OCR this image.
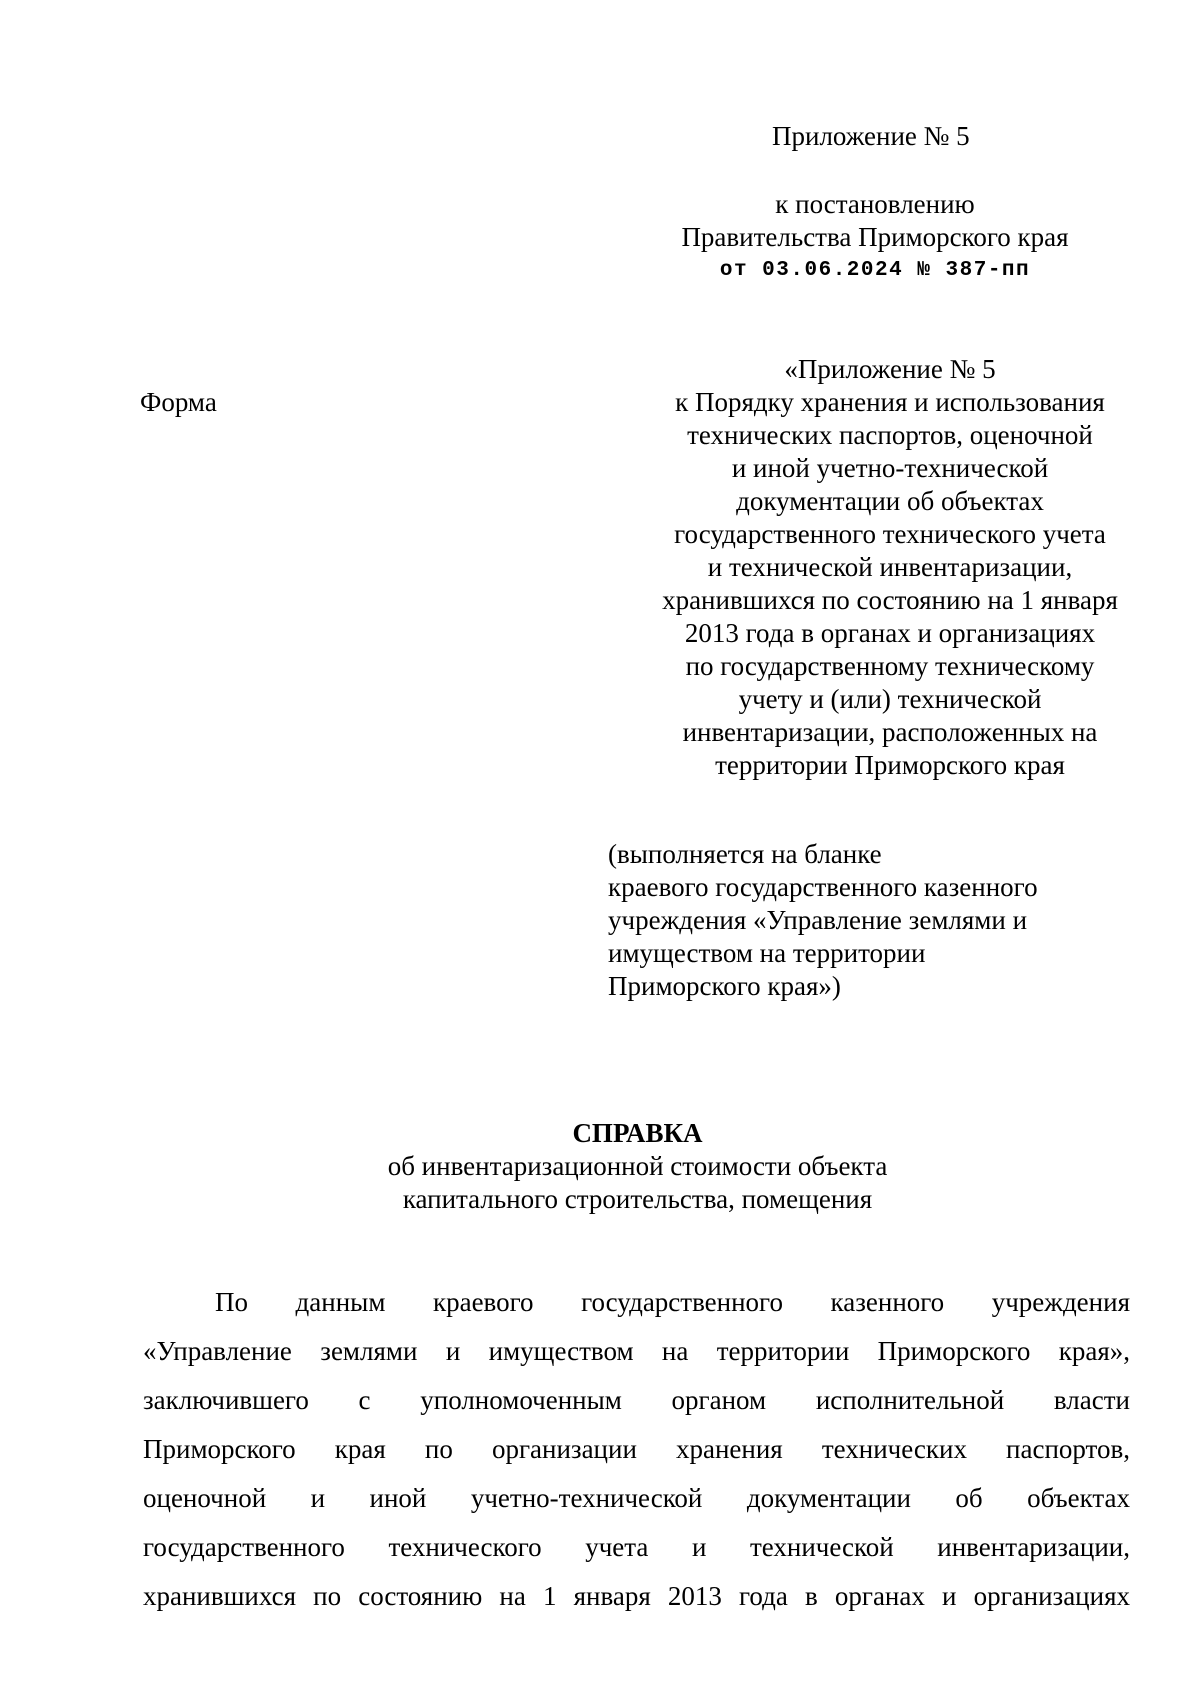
Приложение № 5
к постановлению
Правительства Приморского края
от 03.06.2024 № 387-пп
Форма
«Приложение № 5
к Порядку хранения и использования
технических паспортов, оценочной
и иной учетно-технической
документации об объектах
государственного технического учета
и технической инвентаризации,
хранившихся по состоянию на 1 января
2013 года в органах и организациях
по государственному техническому
учету и (или) технической
инвентаризации, расположенных на
территории Приморского края
(выполняется на бланке
краевого государственного казенного
учреждения «Управление землями и
имуществом на территории
Приморского края»)
СПРАВКА
об инвентаризационной стоимости объекта
капитального строительства, помещения
По данным краевого государственного казенного учреждения
«Управление землями и имуществом на территории Приморского края»,
заключившего с уполномоченным органом исполнительной власти
Приморского края по организации хранения технических паспортов,
оценочной и иной учетно-технической документации об объектах
государственного технического учета и технической инвентаризации,
хранившихся по состоянию на 1 января 2013 года в органах и организациях
